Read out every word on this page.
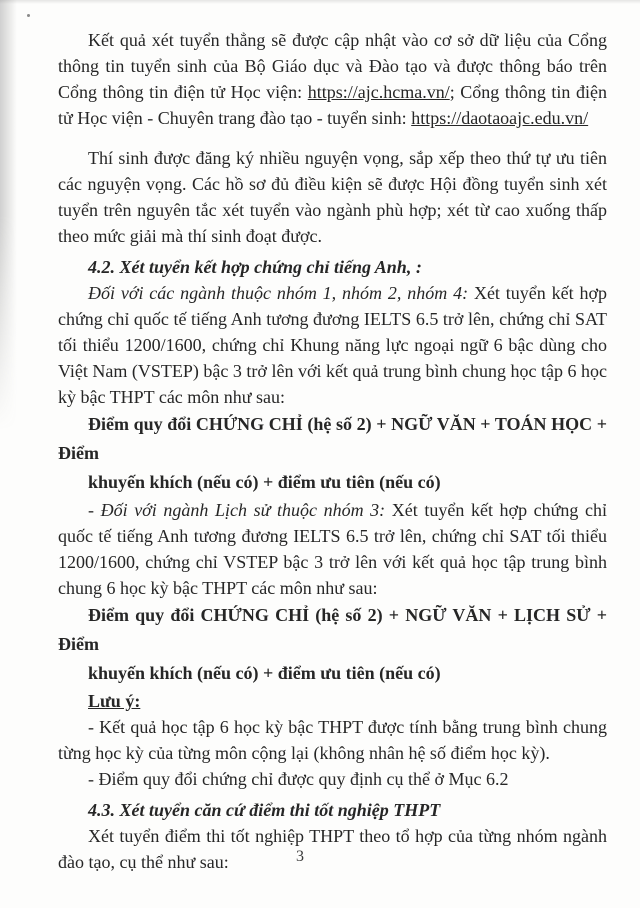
Kết quả xét tuyển thẳng sẽ được cập nhật vào cơ sở dữ liệu của Cổng thông tin tuyển sinh của Bộ Giáo dục và Đào tạo và được thông báo trên Cổng thông tin điện tử Học viện: https://ajc.hcma.vn/; Cổng thông tin điện tử Học viện - Chuyên trang đào tạo - tuyển sinh: https://daotaoajc.edu.vn/

Thí sinh được đăng ký nhiều nguyện vọng, sắp xếp theo thứ tự ưu tiên các nguyện vọng. Các hồ sơ đủ điều kiện sẽ được Hội đồng tuyển sinh xét tuyển trên nguyên tắc xét tuyển vào ngành phù hợp; xét từ cao xuống thấp theo mức giải mà thí sinh đoạt được.

4.2. Xét tuyển kết hợp chứng chỉ tiếng Anh, :

Đối với các ngành thuộc nhóm 1, nhóm 2, nhóm 4: Xét tuyển kết hợp chứng chỉ quốc tế tiếng Anh tương đương IELTS 6.5 trở lên, chứng chỉ SAT tối thiểu 1200/1600, chứng chỉ Khung năng lực ngoại ngữ 6 bậc dùng cho Việt Nam (VSTEP) bậc 3 trở lên với kết quả trung bình chung học tập 6 học kỳ bậc THPT các môn như sau:

Điểm quy đổi CHỨNG CHỈ (hệ số 2) + NGỮ VĂN + TOÁN HỌC + Điểm
khuyến khích (nếu có) + điểm ưu tiên (nếu có)

- Đối với ngành Lịch sử thuộc nhóm 3: Xét tuyển kết hợp chứng chỉ quốc tế tiếng Anh tương đương IELTS 6.5 trở lên, chứng chỉ SAT tối thiểu 1200/1600, chứng chỉ VSTEP bậc 3 trở lên với kết quả học tập trung bình chung 6 học kỳ bậc THPT các môn như sau:

Điểm quy đổi CHỨNG CHỈ (hệ số 2) + NGỮ VĂN + LỊCH SỬ + Điểm
khuyến khích (nếu có) + điểm ưu tiên (nếu có)

Lưu ý:

- Kết quả học tập 6 học kỳ bậc THPT được tính bằng trung bình chung từng học kỳ của từng môn cộng lại (không nhân hệ số điểm học kỳ).

- Điểm quy đổi chứng chỉ được quy định cụ thể ở Mục 6.2

4.3. Xét tuyển căn cứ điểm thi tốt nghiệp THPT

Xét tuyển điểm thi tốt nghiệp THPT theo tổ hợp của từng nhóm ngành đào tạo, cụ thể như sau:	3
